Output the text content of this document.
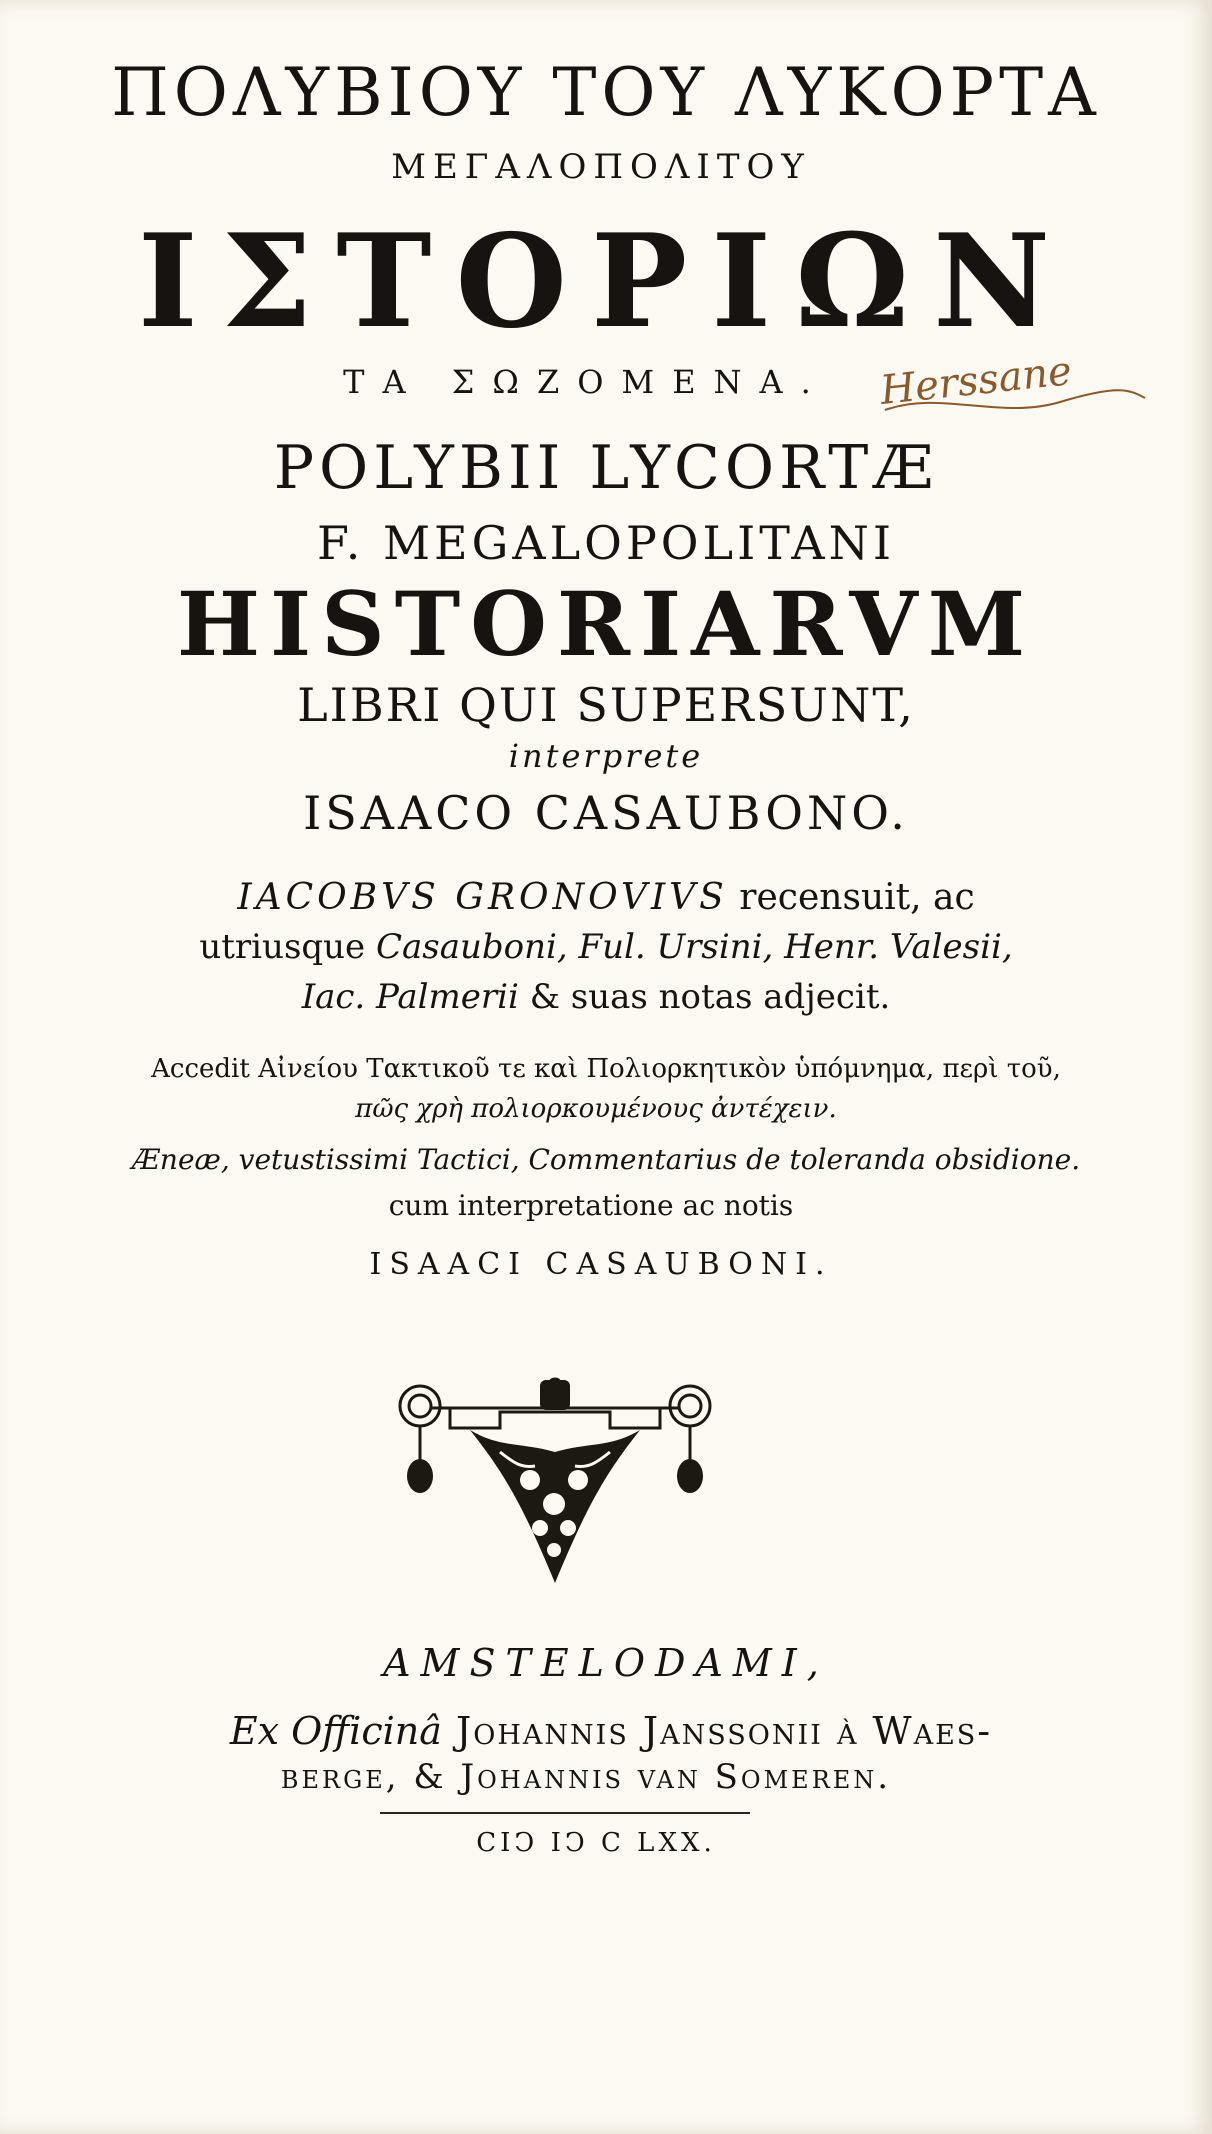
ΠΟΛΥΒΙΟΥ ΤΟΥ ΛΥΚΟΡΤΑ
ΜΕΓΑΛΟΠΟΛΙΤΟΥ
ΙΣΤΟΡΙΩΝ
ΤΑ ΣΩΖΟΜΕΝΑ.	Herssane
POLYBII LYCORTÆ
F. MEGALOPOLITANI
HISTORIARVM
LIBRI QUI SUPERSUNT,
interprete
ISAACO CASAUBONO.
IACOBVS GRONOVIVS recensuit, ac
utriusque Casauboni, Ful. Ursini, Henr. Valesii,
Iac. Palmerii & suas notas adjecit.
Accedit Αἰνείου Τακτικοῦ τε καὶ Πολιορκητικὸν ὑπόμνημα, περὶ τοῦ,
πῶς χρὴ πολιορκουμένους ἀντέχειν.
Æneæ, vetustissimi Tactici, Commentarius de toleranda obsidione.
cum interpretatione ac notis
ISAACI CASAUBONI.
AMSTELODAMI,
Ex Officinâ Johannis Janssonii à Waes-
berge, & Johannis van Someren.
CIↃ IↃ C LXX.
